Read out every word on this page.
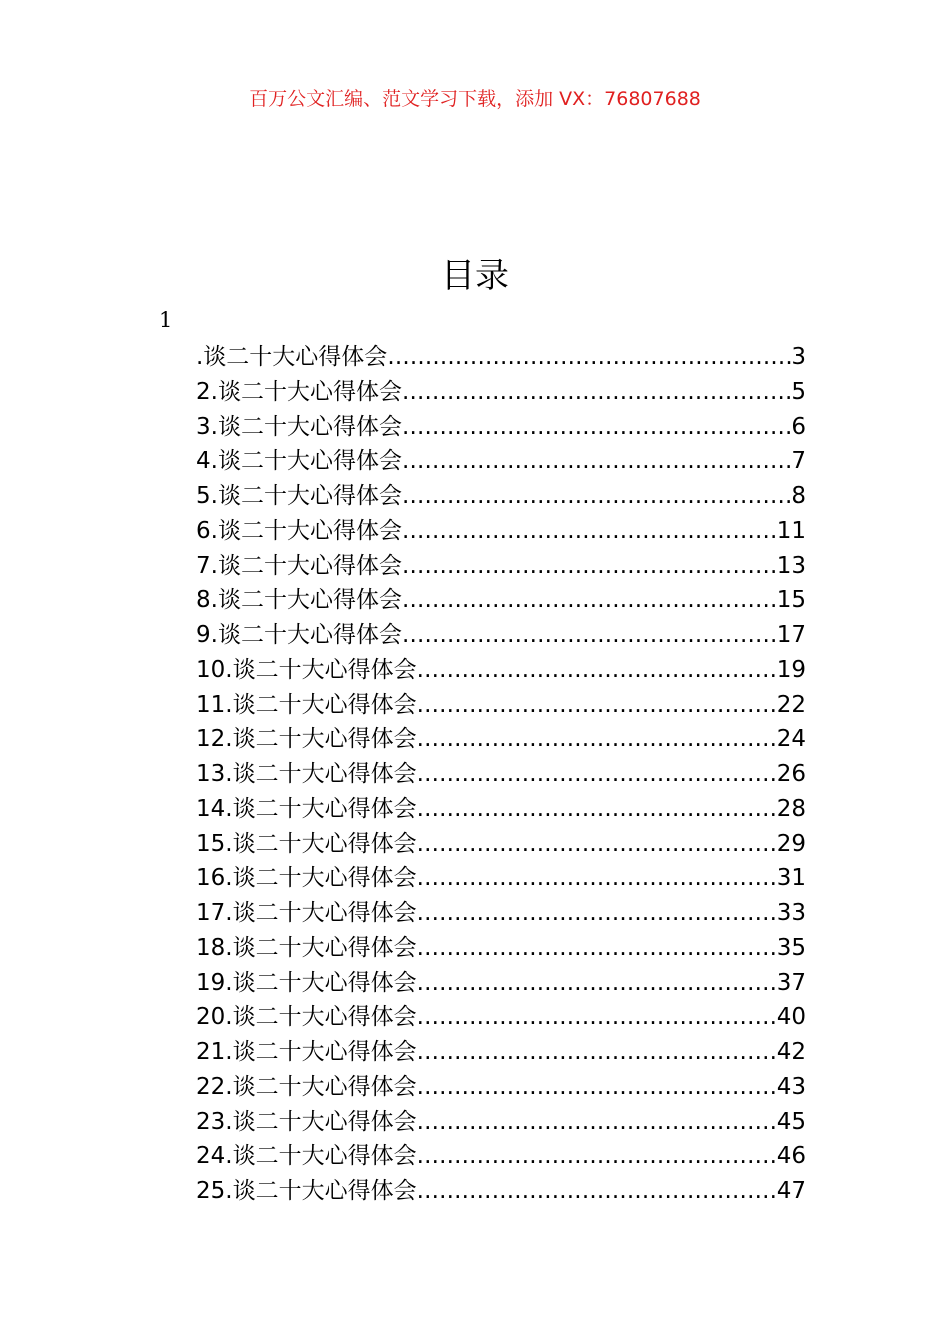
百万公文汇编、范文学习下载，添加 VX：76807688
目录
1
.谈二十大心得体会 .....	3
2.谈二十大心得体会 .....	5
3.谈二十大心得体会 .....	6
4.谈二十大心得体会 .....	7
5.谈二十大心得体会 .....	8
6.谈二十大心得体会 .....	11
7.谈二十大心得体会 .....	13
8.谈二十大心得体会 .....	15
9.谈二十大心得体会 .....	17
10.谈二十大心得体会 .....	19
11.谈二十大心得体会 .....	22
12.谈二十大心得体会 .....	24
13.谈二十大心得体会 .....	26
14.谈二十大心得体会 .....	28
15.谈二十大心得体会 .....	29
16.谈二十大心得体会 .....	31
17.谈二十大心得体会 .....	33
18.谈二十大心得体会 .....	35
19.谈二十大心得体会 .....	37
20.谈二十大心得体会 .....	40
21.谈二十大心得体会 .....	42
22.谈二十大心得体会 .....	43
23.谈二十大心得体会 .....	45
24.谈二十大心得体会 .....	46
25.谈二十大心得体会 .....	47
